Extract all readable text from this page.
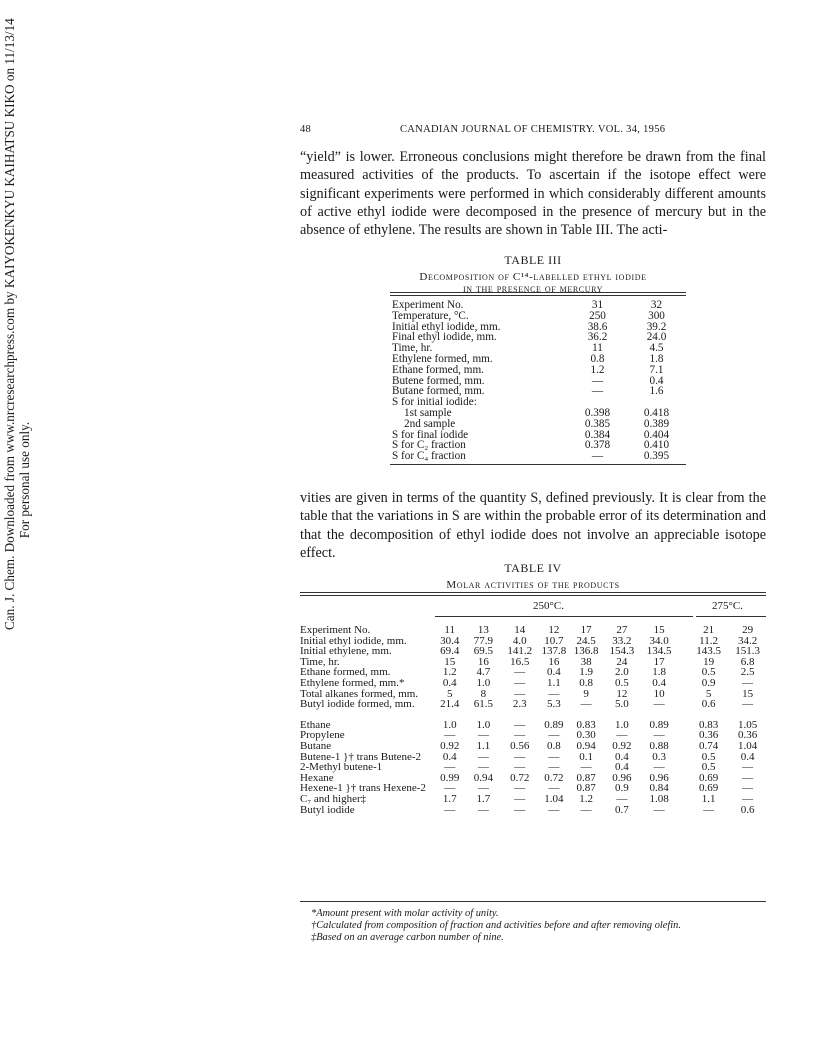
Can. J. Chem. Downloaded from www.nrcresearchpress.com by KAIYOKENKYU KAIHATSU KIKO on 11/13/14 For personal use only.
48	CANADIAN JOURNAL OF CHEMISTRY. VOL. 34, 1956
“yield” is lower. Erroneous conclusions might therefore be drawn from the final measured activities of the products. To ascertain if the isotope effect were significant experiments were performed in which considerably different amounts of active ethyl iodide were decomposed in the presence of mercury but in the absence of ethylene. The results are shown in Table III. The acti-
TABLE III
Decomposition of C¹⁴-labelled ethyl iodide
in the presence of mercury
Experiment No.	31	32
Temperature, °C.	250	300
Initial ethyl iodide, mm.	38.6	39.2
Final ethyl iodide, mm.	36.2	24.0
Time, hr.	11	4.5
Ethylene formed, mm.	0.8	1.8
Ethane formed, mm.	1.2	7.1
Butene formed, mm.	—	0.4
Butane formed, mm.	—	1.6
S for initial iodide:		
1st sample	0.398	0.418
2nd sample	0.385	0.389
S for final iodide	0.384	0.404
S for C₂ fraction	0.378	0.410
S for C₄ fraction	—	0.395
vities are given in terms of the quantity S, defined previously. It is clear from the table that the variations in S are within the probable error of its determination and that the decomposition of ethyl iodide does not involve an appreciable isotope effect.
TABLE IV
Molar activities of the products
250°C.	275°C.
Experiment No.	11	13	14	12	17	27	15	21	29
Initial ethyl iodide, mm.	30.4	77.9	4.0	10.7	24.5	33.2	34.0	11.2	34.2
Initial ethylene, mm.	69.4	69.5	141.2	137.8	136.8	154.3	134.5	143.5	151.3
Time, hr.	15	16	16.5	16	38	24	17	19	6.8
Ethane formed, mm.	1.2	4.7	—	0.4	1.9	2.0	1.8	0.5	2.5
Ethylene formed, mm.*	0.4	1.0	—	1.1	0.8	0.5	0.4	0.9	—
Total alkanes formed, mm.	5	8	—	—	9	12	10	5	15
Butyl iodide formed, mm.	21.4	61.5	2.3	5.3	—	5.0	—	0.6	—

Ethane	1.0	1.0	—	0.89	0.83	1.0	0.89	0.83	1.05
Propylene	—	—	—	—	0.30	—	—	0.36	0.36
Butane	0.92	1.1	0.56	0.8	0.94	0.92	0.88	0.74	1.04
Butene-1 }† trans Butene-2	0.4	—	—	—	0.1	0.4	0.3	0.5	0.4
2-Methyl butene-1	—	—	—	—	—	0.4	—	0.5	—
Hexane	0.99	0.94	0.72	0.72	0.87	0.96	0.96	0.69	—
Hexene-1 }† trans Hexene-2	—	—	—	—	0.87	0.9	0.84	0.69	—
C₇ and higher‡	1.7	1.7	—	1.04	1.2	—	1.08	1.1	—
Butyl iodide	—	—	—	—	—	0.7	—	—	0.6
*Amount present with molar activity of unity.
†Calculated from composition of fraction and activities before and after removing olefin.
‡Based on an average carbon number of nine.
